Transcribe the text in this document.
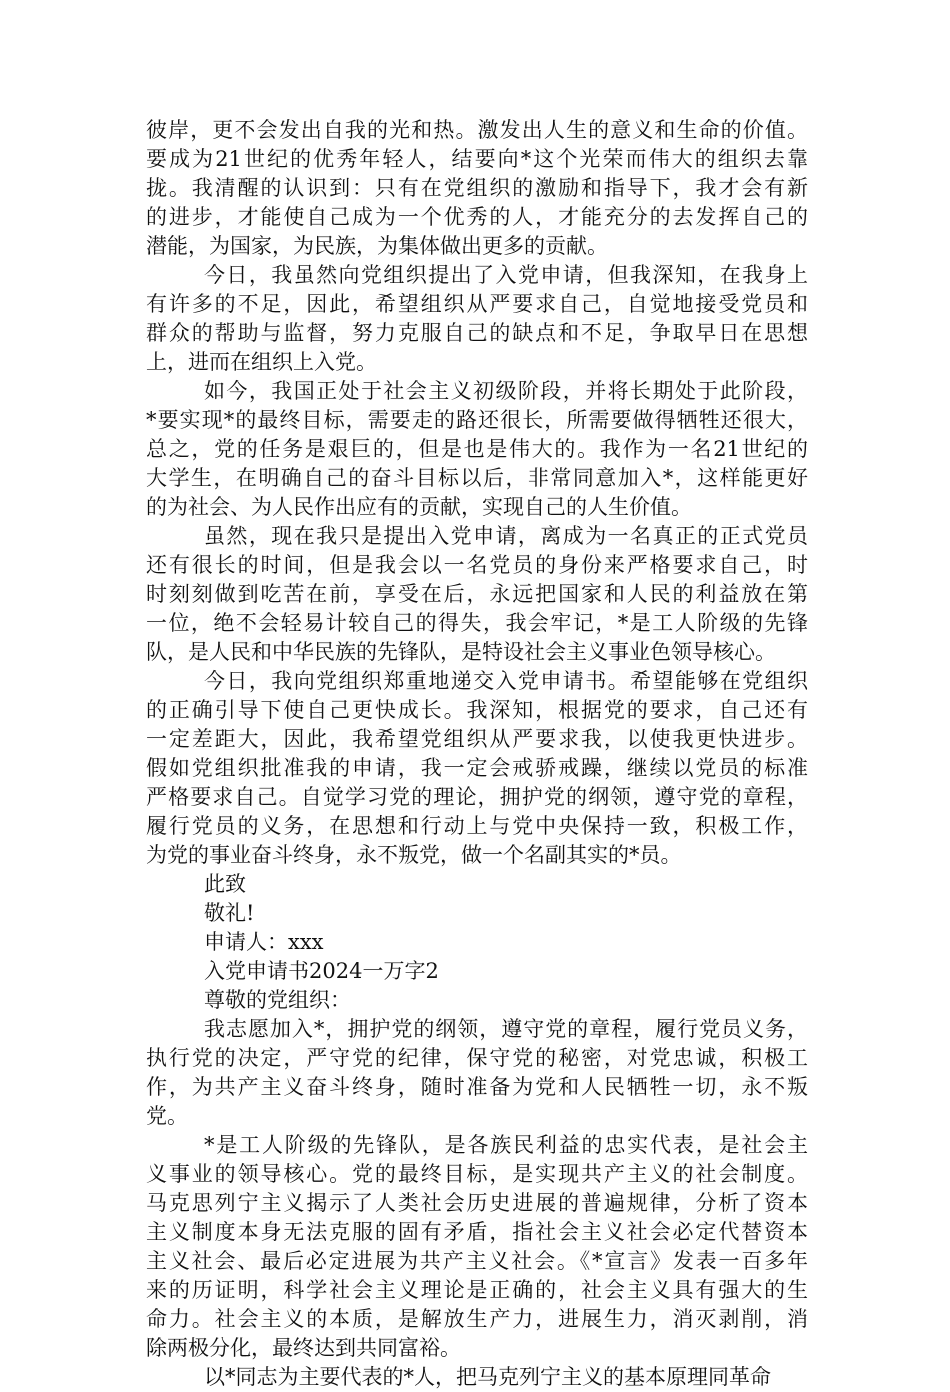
彼岸，更不会发出自我的光和热。激发出人生的意义和生命的价值。
要成为21世纪的优秀年轻人，结要向*这个光荣而伟大的组织去靠
拢。我清醒的认识到：只有在党组织的激励和指导下，我才会有新
的进步，才能使自己成为一个优秀的人，才能充分的去发挥自己的
潜能，为国家，为民族，为集体做出更多的贡献。
今日，我虽然向党组织提出了入党申请，但我深知，在我身上
有许多的不足，因此，希望组织从严要求自己，自觉地接受党员和
群众的帮助与监督，努力克服自己的缺点和不足，争取早日在思想
上，进而在组织上入党。
如今，我国正处于社会主义初级阶段，并将长期处于此阶段，
*要实现*的最终目标，需要走的路还很长，所需要做得牺牲还很大，
总之，党的任务是艰巨的，但是也是伟大的。我作为一名21世纪的
大学生，在明确自己的奋斗目标以后，非常同意加入*，这样能更好
的为社会、为人民作出应有的贡献，实现自己的人生价值。
虽然，现在我只是提出入党申请，离成为一名真正的正式党员
还有很长的时间，但是我会以一名党员的身份来严格要求自己，时
时刻刻做到吃苦在前，享受在后，永远把国家和人民的利益放在第
一位，绝不会轻易计较自己的得失，我会牢记，*是工人阶级的先锋
队，是人民和中华民族的先锋队，是特设社会主义事业色领导核心。
今日，我向党组织郑重地递交入党申请书。希望能够在党组织
的正确引导下使自己更快成长。我深知，根据党的要求，自己还有
一定差距大，因此，我希望党组织从严要求我，以使我更快进步。
假如党组织批准我的申请，我一定会戒骄戒躁，继续以党员的标准
严格要求自己。自觉学习党的理论，拥护党的纲领，遵守党的章程，
履行党员的义务，在思想和行动上与党中央保持一致，积极工作，
为党的事业奋斗终身，永不叛党，做一个名副其实的*员。
此致
敬礼!
申请人：xxx
入党申请书2024一万字2
尊敬的党组织：
我志愿加入*，拥护党的纲领，遵守党的章程，履行党员义务，
执行党的决定，严守党的纪律，保守党的秘密，对党忠诚，积极工
作，为共产主义奋斗终身，随时准备为党和人民牺牲一切，永不叛
党。
*是工人阶级的先锋队，是各族民利益的忠实代表，是社会主
义事业的领导核心。党的最终目标，是实现共产主义的社会制度。
马克思列宁主义揭示了人类社会历史进展的普遍规律，分析了资本
主义制度本身无法克服的固有矛盾，指社会主义社会必定代替资本
主义社会、最后必定进展为共产主义社会。《*宣言》发表一百多年
来的历证明，科学社会主义理论是正确的，社会主义具有强大的生
命力。社会主义的本质，是解放生产力，进展生力，消灭剥削，消
除两极分化，最终达到共同富裕。
以*同志为主要代表的*人，把马克列宁主义的基本原理同革命
